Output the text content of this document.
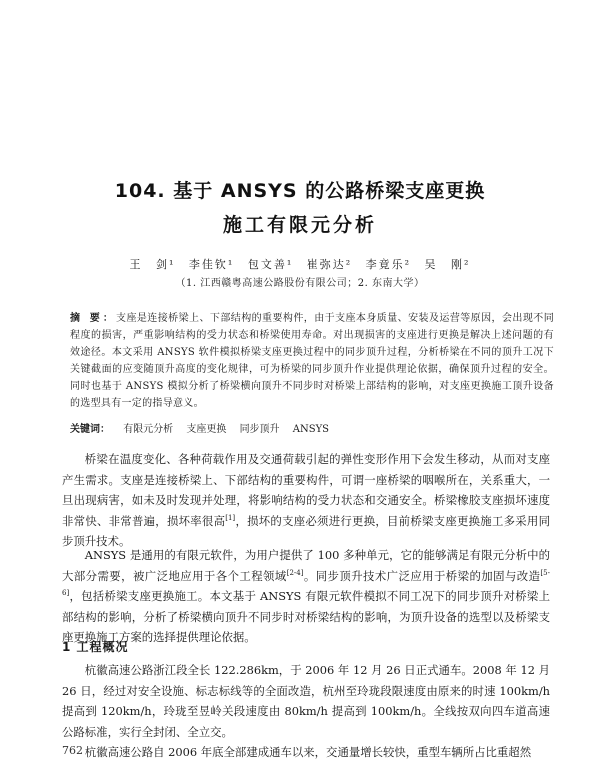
104. 基于 ANSYS 的公路桥梁支座更换
施工有限元分析
王 剑¹ 李佳钦¹ 包文善¹ 崔弥达² 李竟乐² 吴 刚²
（1. 江西赣粤高速公路股份有限公司；2. 东南大学）
摘 要：支座是连接桥梁上、下部结构的重要构件，由于支座本身质量、安装及运营等原因，会出现不同程度的损害，严重影响结构的受力状态和桥梁使用寿命。对出现损害的支座进行更换是解决上述问题的有效途径。本文采用 ANSYS 软件模拟桥梁支座更换过程中的同步顶升过程，分析桥梁在不同的顶升工况下关键截面的应变随顶升高度的变化规律，可为桥梁的同步顶升作业提供理论依据，确保顶升过程的安全。同时也基于 ANSYS 模拟分析了桥梁横向顶升不同步时对桥梁上部结构的影响，对支座更换施工顶升设备的选型具有一定的指导意义。
关键词： 有限元分析 支座更换 同步顶升 ANSYS

桥梁在温度变化、各种荷载作用及交通荷载引起的弹性变形作用下会发生移动，从而对支座产生需求。支座是连接桥梁上、下部结构的重要构件，可谓一座桥梁的咽喉所在，关系重大，一旦出现病害，如未及时发现并处理，将影响结构的受力状态和交通安全。桥梁橡胶支座损坏速度非常快、非常普遍，损坏率很高[1]，损坏的支座必须进行更换，目前桥梁支座更换施工多采用同步顶升技术。

ANSYS 是通用的有限元软件，为用户提供了 100 多种单元，它的能够满足有限元分析中的大部分需要，被广泛地应用于各个工程领域[2-4]。同步顶升技术广泛应用于桥梁的加固与改造[5-6]，包括桥梁支座更换施工。本文基于 ANSYS 有限元软件模拟不同工况下的同步顶升对桥梁上部结构的影响，分析了桥梁横向顶升不同步时对桥梁结构的影响，为顶升设备的选型以及桥梁支座更换施工方案的选择提供理论依据。

1 工程概况

杭徽高速公路浙江段全长 122.286km，于 2006 年 12 月 26 日正式通车。2008 年 12 月 26 日，经过对安全设施、标志标线等的全面改造，杭州至玲珑段限速度由原来的时速 100km/h 提高到 120km/h，玲珑至昱岭关段速度由 80km/h 提高到 100km/h。全线按双向四车道高速公路标准，实行全封闭、全立交。

杭徽高速公路自 2006 年底全部建成通车以来，交通量增长较快，重型车辆所占比重超然

762
